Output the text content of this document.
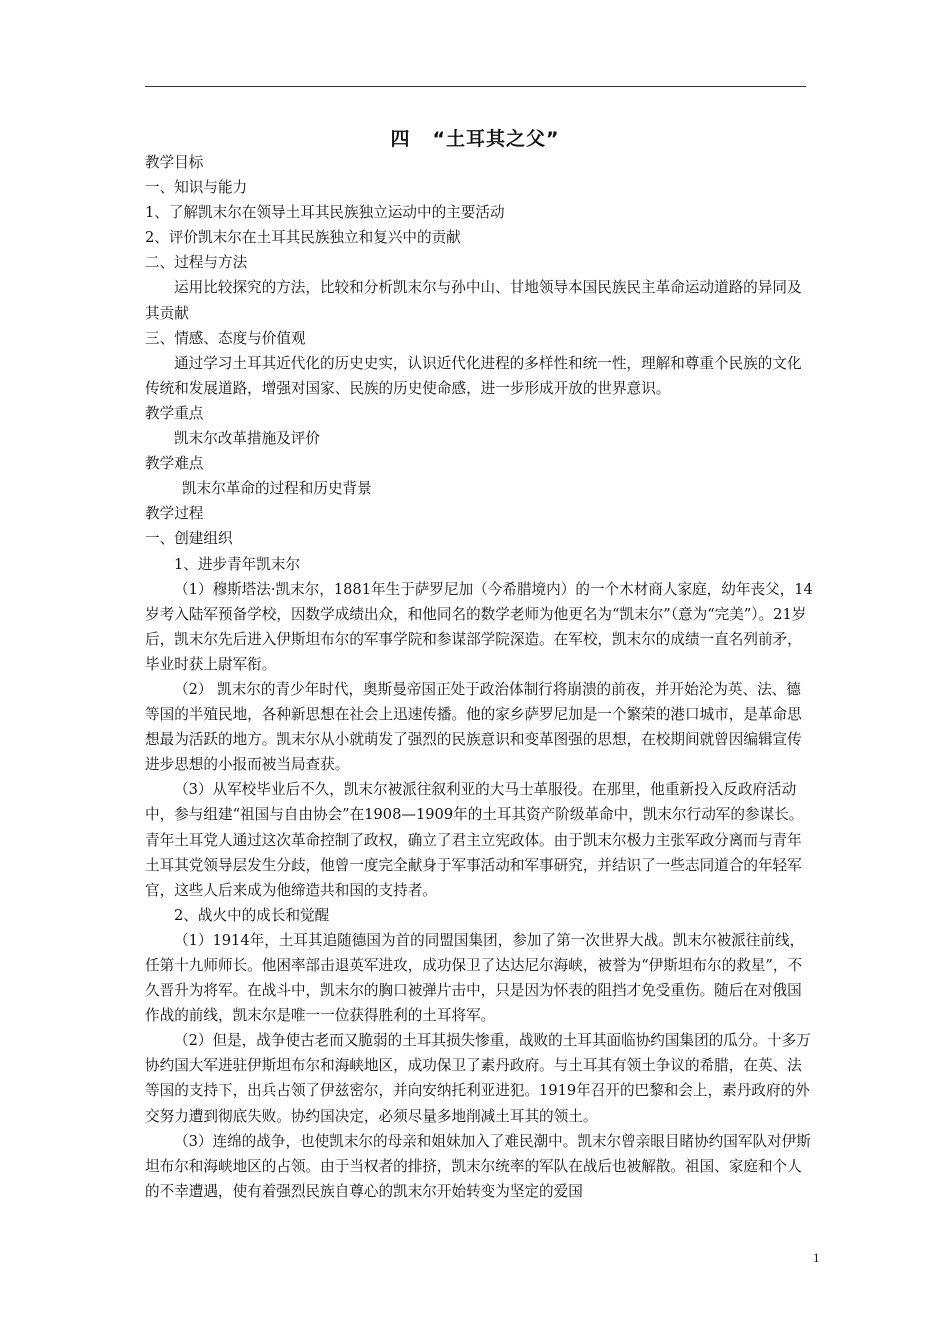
四 “土耳其之父”

教学目标

一、知识与能力

1、了解凯末尔在领导土耳其民族独立运动中的主要活动

2、评价凯末尔在土耳其民族独立和复兴中的贡献

二、过程与方法

运用比较探究的方法，比较和分析凯末尔与孙中山、甘地领导本国民族民主革命运动道路的异同及其贡献

三、情感、态度与价值观

通过学习土耳其近代化的历史史实，认识近代化进程的多样性和统一性，理解和尊重个民族的文化传统和发展道路，增强对国家、民族的历史使命感，进一步形成开放的世界意识。

教学重点

凯末尔改革措施及评价

教学难点

凯末尔革命的过程和历史背景

教学过程

一、创建组织

1、进步青年凯末尔

（1）穆斯塔法·凯末尔，1881年生于萨罗尼加（今希腊境内）的一个木材商人家庭，幼年丧父，14岁考入陆军预备学校，因数学成绩出众，和他同名的数学老师为他更名为“凯末尔”（意为“完美”）。21岁后，凯末尔先后进入伊斯坦布尔的军事学院和参谋部学院深造。在军校，凯末尔的成绩一直名列前矛，毕业时获上尉军衔。

（2） 凯末尔的青少年时代，奥斯曼帝国正处于政治体制行将崩溃的前夜，并开始沦为英、法、德等国的半殖民地，各种新思想在社会上迅速传播。他的家乡萨罗尼加是一个繁荣的港口城市，是革命思想最为活跃的地方。凯末尔从小就萌发了强烈的民族意识和变革图强的思想，在校期间就曾因编辑宣传进步思想的小报而被当局查获。

（3）从军校毕业后不久，凯末尔被派往叙利亚的大马士革服役。在那里，他重新投入反政府活动中，参与组建“祖国与自由协会”在1908—1909年的土耳其资产阶级革命中，凯末尔行动军的参谋长。青年土耳党人通过这次革命控制了政权，确立了君主立宪政体。由于凯末尔极力主张军政分离而与青年土耳其党领导层发生分歧，他曾一度完全献身于军事活动和军事研究，并结识了一些志同道合的年轻军官，这些人后来成为他缔造共和国的支持者。

2、战火中的成长和觉醒

（1）1914年，土耳其追随德国为首的同盟国集团，参加了第一次世界大战。凯末尔被派往前线，任第十九师师长。他困率部击退英军进攻，成功保卫了达达尼尔海峡，被誉为“伊斯坦布尔的救星”，不久晋升为将军。在战斗中，凯末尔的胸口被弹片击中，只是因为怀表的阻挡才免受重伤。随后在对俄国作战的前线，凯末尔是唯一一位获得胜利的土耳将军。

（2）但是，战争使古老而又脆弱的土耳其损失惨重，战败的土耳其面临协约国集团的瓜分。十多万协约国大军进驻伊斯坦布尔和海峡地区，成功保卫了素丹政府。与土耳其有领土争议的希腊，在英、法等国的支持下，出兵占领了伊兹密尔，并向安纳托利亚进犯。1919年召开的巴黎和会上，素丹政府的外交努力遭到彻底失败。协约国决定，必须尽量多地削减土耳其的领土。

（3）连绵的战争，也使凯末尔的母亲和姐妹加入了难民潮中。凯末尔曾亲眼目睹协约国军队对伊斯坦布尔和海峡地区的占领。由于当权者的排挤，凯末尔统率的军队在战后也被解散。祖国、家庭和个人的不幸遭遇，使有着强烈民族自尊心的凯末尔开始转变为坚定的爱国

1
